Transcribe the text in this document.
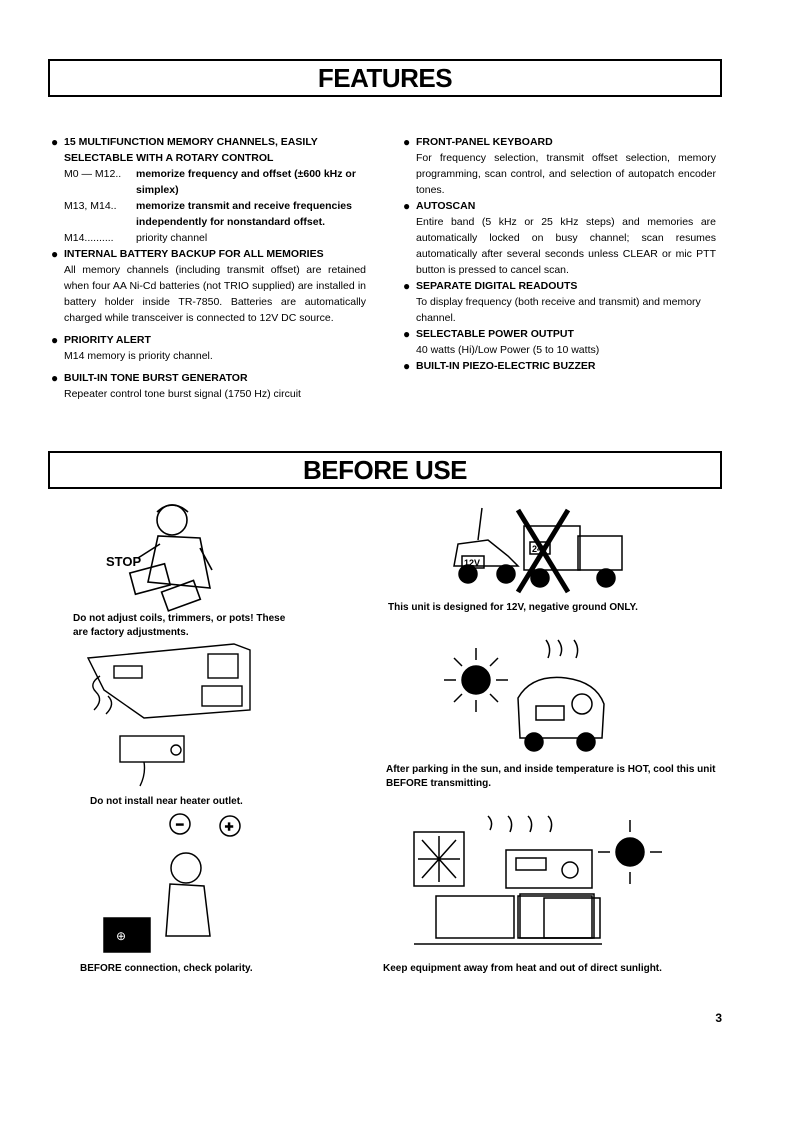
FEATURES
● 15 MULTIFUNCTION MEMORY CHANNELS, EASILY SELECTABLE WITH A ROTARY CONTROL
M0 — M12..	memorize frequency and offset (±600 kHz or simplex)
M13, M14..	memorize transmit and receive frequencies independently for nonstandard offset.
M14..........	priority channel
● INTERNAL BATTERY BACKUP FOR ALL MEMORIES
All memory channels (including transmit offset) are retained when four AA Ni-Cd batteries (not TRIO supplied) are installed in battery holder inside TR-7850. Batteries are automatically charged while transceiver is connected to 12V DC source.
● PRIORITY ALERT
M14 memory is priority channel.
● BUILT-IN TONE BURST GENERATOR
Repeater control tone burst signal (1750 Hz) circuit
● FRONT-PANEL KEYBOARD
For frequency selection, transmit offset selection, memory programming, scan control, and selection of autopatch encoder tones.
● AUTOSCAN
Entire band (5 kHz or 25 kHz steps) and memories are automatically locked on busy channel; scan resumes automatically after several seconds unless CLEAR or mic PTT button is pressed to cancel scan.
● SEPARATE DIGITAL READOUTS
To display frequency (both receive and transmit) and memory channel.
● SELECTABLE POWER OUTPUT
40 watts (Hi)/Low Power (5 to 10 watts)
● BUILT-IN PIEZO-ELECTRIC BUZZER
BEFORE USE
STOP
Do not adjust coils, trimmers, or pots! These are factory adjustments.
Do not install near heater outlet.
−	+
⊕
BEFORE connection, check polarity.
12V
24V
This unit is designed for 12V, negative ground ONLY.
After parking in the sun, and inside temperature is HOT, cool this unit BEFORE transmitting.
Keep equipment away from heat and out of direct sunlight.
3
